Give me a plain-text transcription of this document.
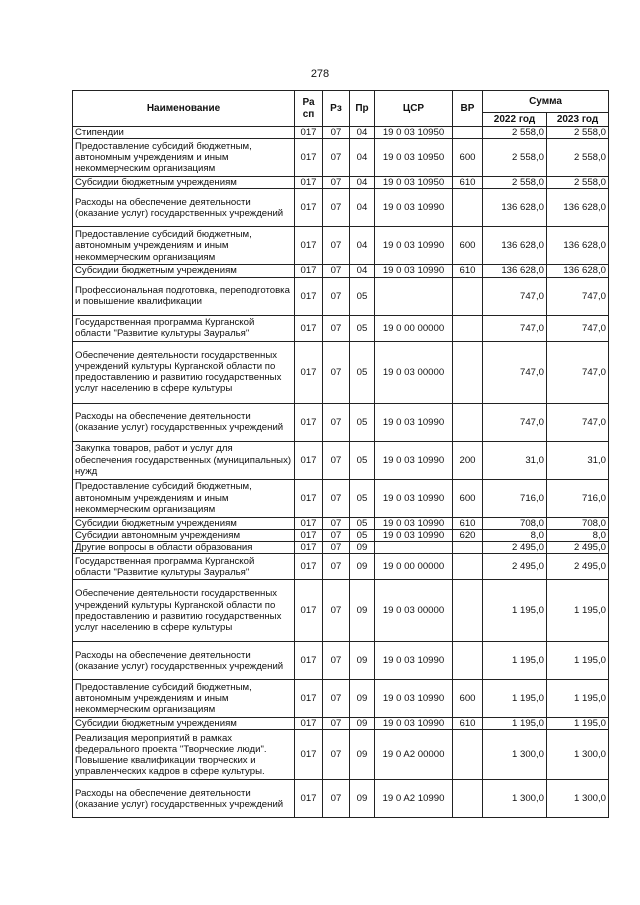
278
Наименование	Ра сп	Рз	Пр	ЦСР	ВР	Сумма	
						2022 год	2023 год
Стипендии	017	07	04	19 0 03 10950		2 558,0	2 558,0
Предоставление субсидий бюджетным, автономным учреждениям и иным некоммерческим организациям	017	07	04	19 0 03 10950	600	2 558,0	2 558,0
Субсидии бюджетным учреждениям	017	07	04	19 0 03 10950	610	2 558,0	2 558,0
Расходы на обеспечение деятельности (оказание услуг) государственных учреждений	017	07	04	19 0 03 10990		136 628,0	136 628,0
Предоставление субсидий бюджетным, автономным учреждениям и иным некоммерческим организациям	017	07	04	19 0 03 10990	600	136 628,0	136 628,0
Субсидии бюджетным учреждениям	017	07	04	19 0 03 10990	610	136 628,0	136 628,0
Профессиональная подготовка, переподготовка и повышение квалификации	017	07	05			747,0	747,0
Государственная программа Курганской области "Развитие культуры Зауралья"	017	07	05	19 0 00 00000		747,0	747,0
Обеспечение деятельности государственных учреждений культуры Курганской области по предоставлению и развитию государственных услуг населению в сфере культуры	017	07	05	19 0 03 00000		747,0	747,0
Расходы на обеспечение деятельности (оказание услуг) государственных учреждений	017	07	05	19 0 03 10990		747,0	747,0
Закупка товаров, работ и услуг для обеспечения государственных (муниципальных) нужд	017	07	05	19 0 03 10990	200	31,0	31,0
Предоставление субсидий бюджетным, автономным учреждениям и иным некоммерческим организациям	017	07	05	19 0 03 10990	600	716,0	716,0
Субсидии бюджетным учреждениям	017	07	05	19 0 03 10990	610	708,0	708,0
Субсидии автономным учреждениям	017	07	05	19 0 03 10990	620	8,0	8,0
Другие вопросы в области образования	017	07	09			2 495,0	2 495,0
Государственная программа Курганской области "Развитие культуры Зауралья"	017	07	09	19 0 00 00000		2 495,0	2 495,0
Обеспечение деятельности государственных учреждений культуры Курганской области по предоставлению и развитию государственных услуг населению в сфере культуры	017	07	09	19 0 03 00000		1 195,0	1 195,0
Расходы на обеспечение деятельности (оказание услуг) государственных учреждений	017	07	09	19 0 03 10990		1 195,0	1 195,0
Предоставление субсидий бюджетным, автономным учреждениям и иным некоммерческим организациям	017	07	09	19 0 03 10990	600	1 195,0	1 195,0
Субсидии бюджетным учреждениям	017	07	09	19 0 03 10990	610	1 195,0	1 195,0
Реализация мероприятий в рамках федерального проекта "Творческие люди". Повышение квалификации творческих и управленческих кадров в сфере культуры.	017	07	09	19 0 A2 00000		1 300,0	1 300,0
Расходы на обеспечение деятельности (оказание услуг) государственных учреждений	017	07	09	19 0 A2 10990		1 300,0	1 300,0
